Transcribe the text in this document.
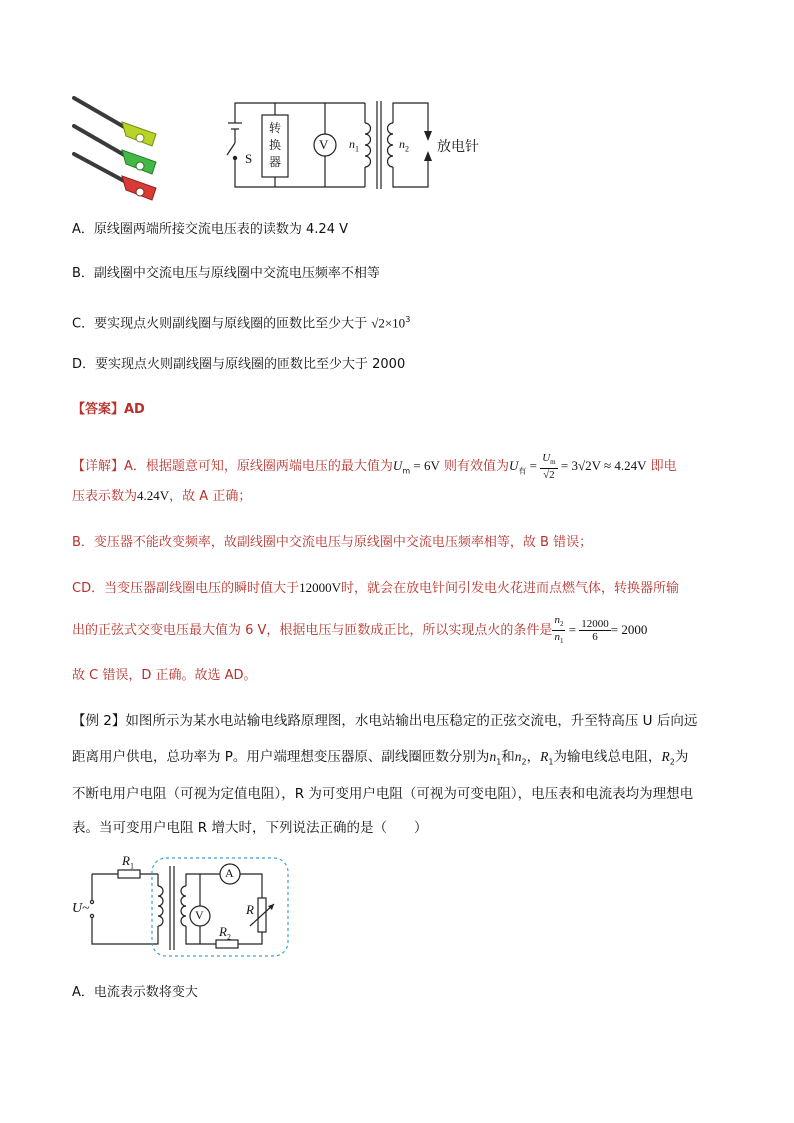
S
转
换
器
V $n_1$	$n_2$ 放电针
A．原线圈两端所接交流电压表的读数为 4.24 V
B．副线圈中交流电压与原线圈中交流电压频率不相等
C．要实现点火则副线圈与原线圈的匝数比至少大于 $√2\times 10^3$
D．要实现点火则副线圈与原线圈的匝数比至少大于 2000
【答案】AD
【详解】A．根据题意可知，原线圈两端电压的最大值为$U_m = 6V$ 则有效值为$U_有 = \frac{U_m}{√2} = 3√2V \approx 4.24V$ 即电
压表示数为4.24V，故 A 正确；
B．变压器不能改变频率，故副线圈中交流电压与原线圈中交流电压频率相等，故 B 错误；
CD．当变压器副线圈电压的瞬时值大于12000V时，就会在放电针间引发电火花进而点燃气体，转换器所输
出的正弦式交变电压最大值为 6 V，根据电压与匝数成正比，所以实现点火的条件是 $\frac{n_2}{n_1} = \frac{12000}{6} = 2000$
故 C 错误，D 正确。故选 AD。
【例 2】如图所示为某水电站输电线路原理图，水电站输出电压稳定的正弦交流电，升至特高压 U 后向远
距离用户供电，总功率为 P。用户端理想变压器原、副线圈匝数分别为$n_1$和$n_2$，$R_1$为输电线总电阻，$R_2$为
不断电用户电阻（可视为定值电阻），R 为可变用户电阻（可视为可变电阻），电压表和电流表均为理想电
表。当可变用户电阻 R 增大时，下列说法正确的是（　　）
$R_1$
U~
A
V	R
$R_2$
A．电流表示数将变大
